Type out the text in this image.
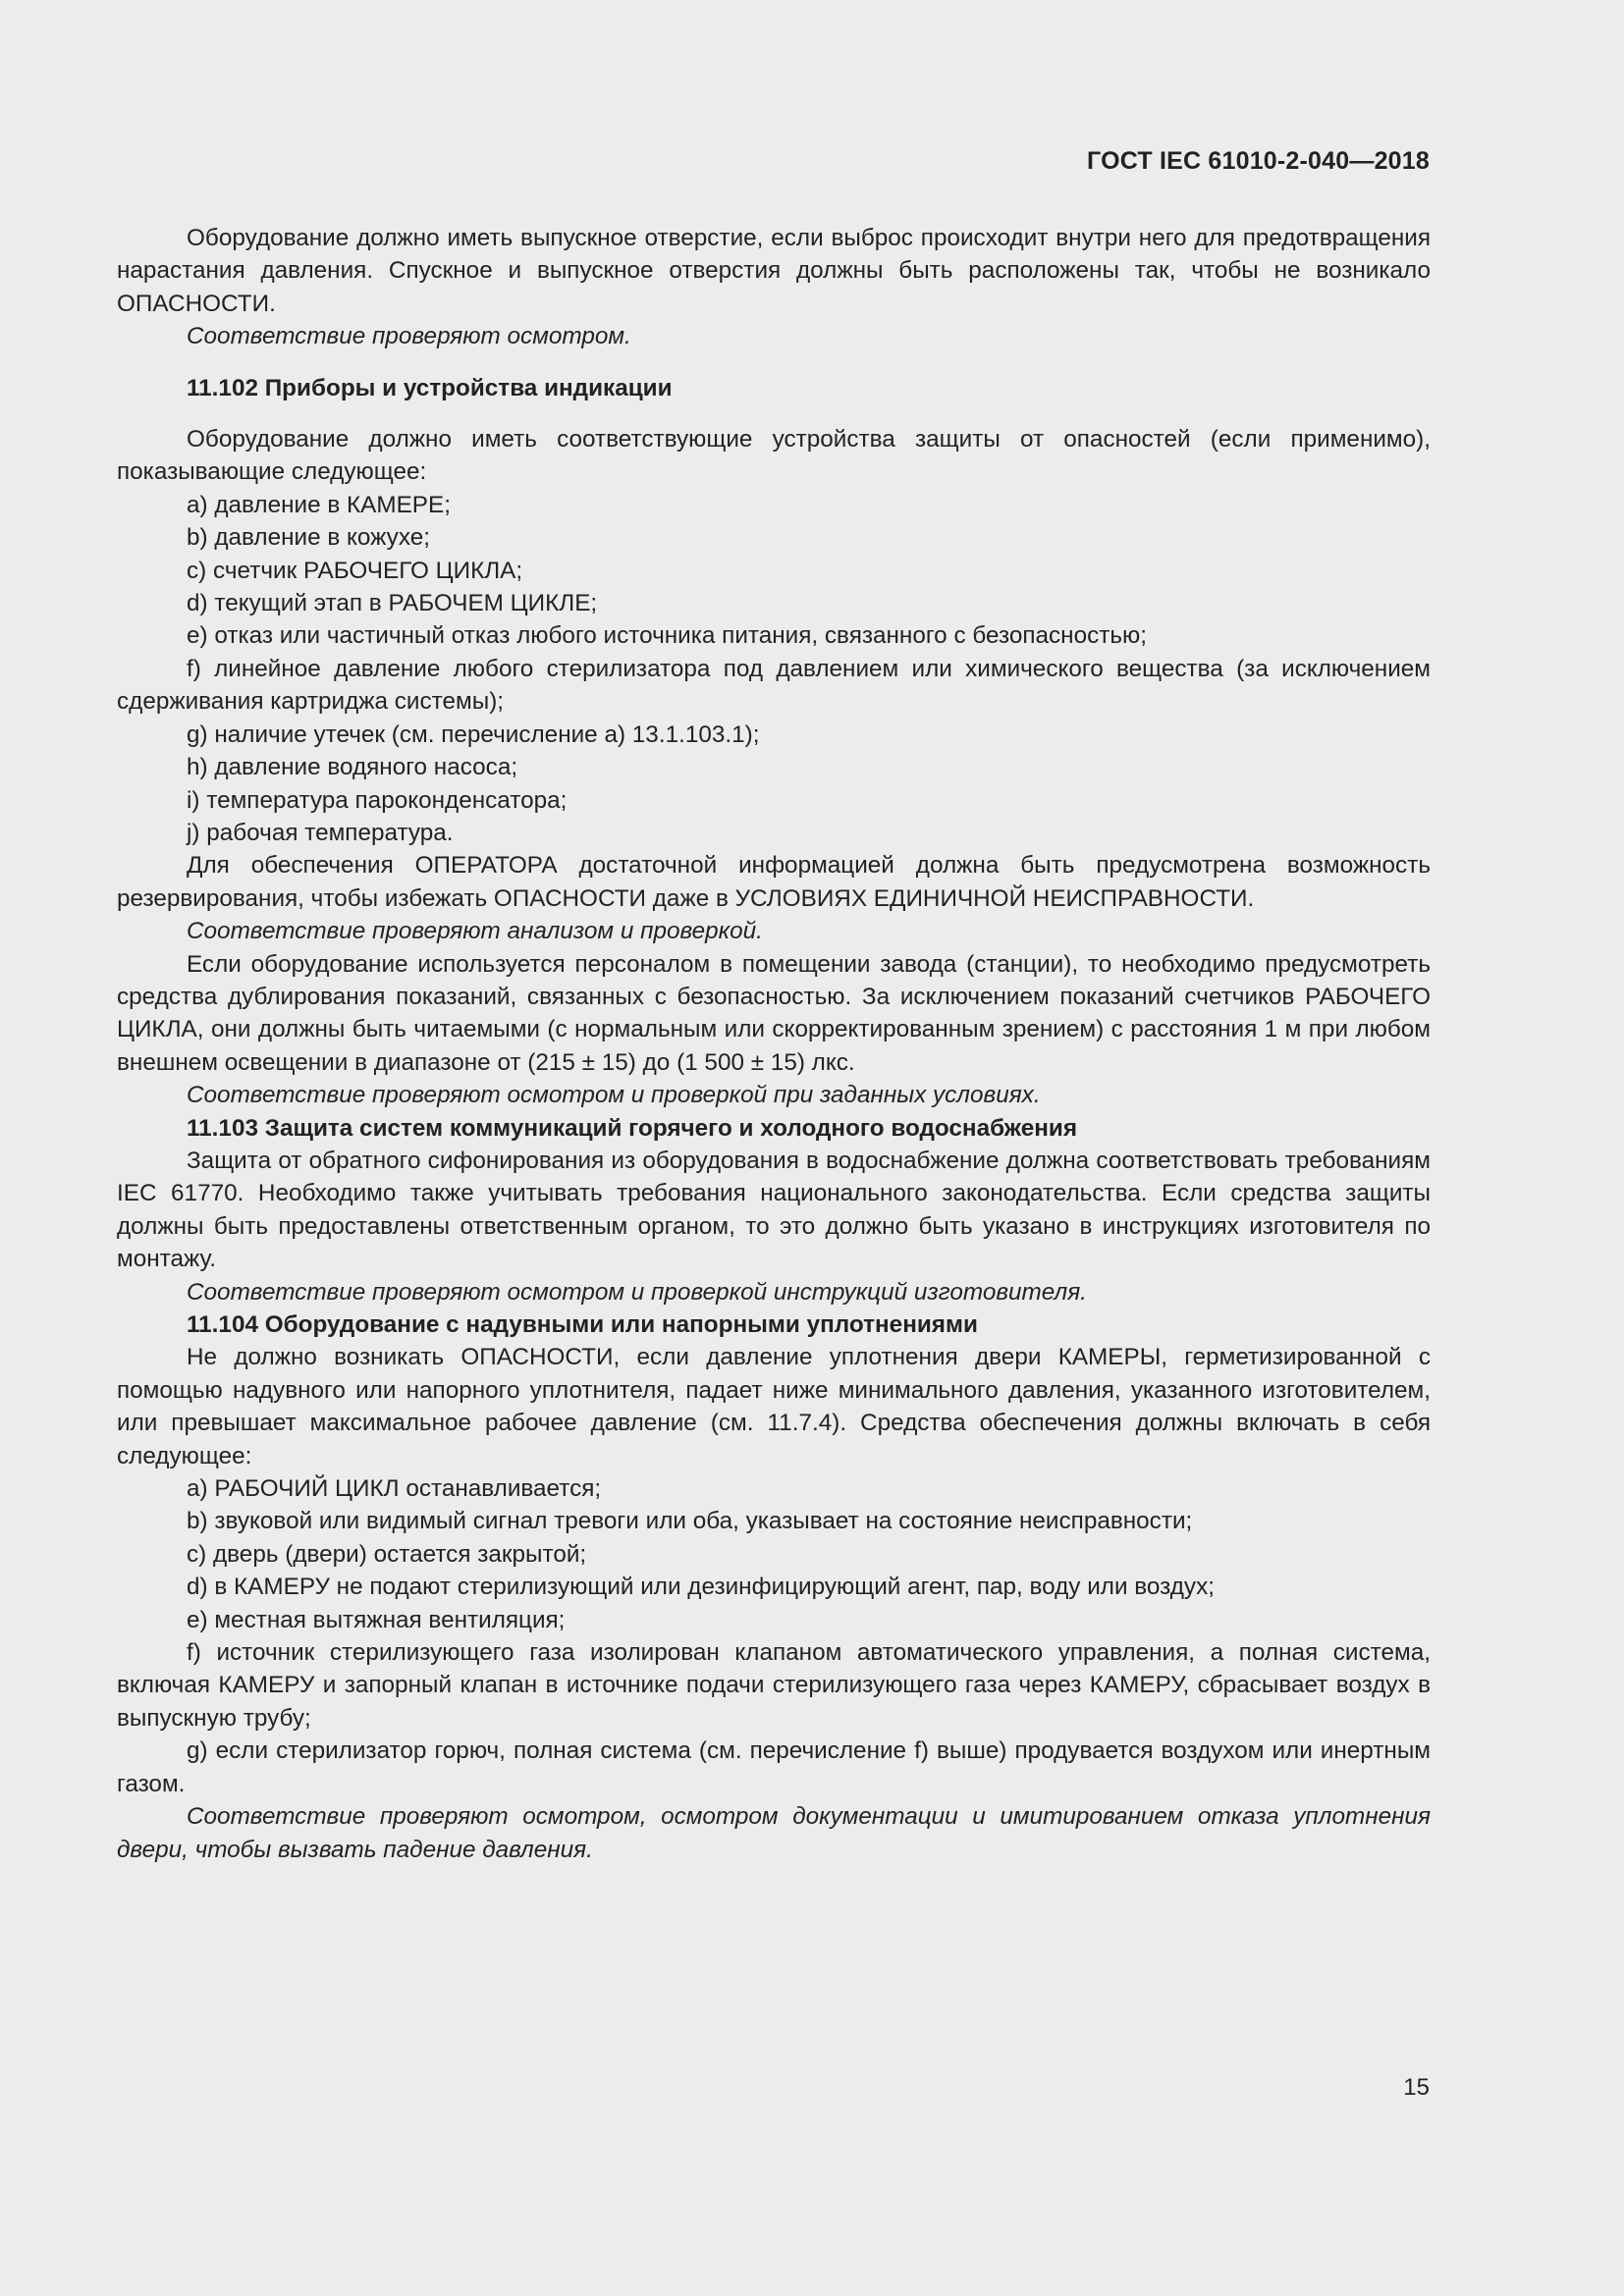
ГОСТ IEC 61010-2-040—2018

Оборудование должно иметь выпускное отверстие, если выброс происходит внутри него для предотвращения нарастания давления. Спускное и выпускное отверстия должны быть расположены так, чтобы не возникало ОПАСНОСТИ.

Соответствие проверяют осмотром.

11.102 Приборы и устройства индикации

Оборудование должно иметь соответствующие устройства защиты от опасностей (если применимо), показывающие следующее:

a) давление в КАМЕРЕ;

b) давление в кожухе;

c) счетчик РАБОЧЕГО ЦИКЛА;

d) текущий этап в РАБОЧЕМ ЦИКЛЕ;

e) отказ или частичный отказ любого источника питания, связанного с безопасностью;

f) линейное давление любого стерилизатора под давлением или химического вещества (за исключением сдерживания картриджа системы);

g) наличие утечек (см. перечисление а) 13.1.103.1);

h) давление водяного насоса;

i) температура пароконденсатора;

j) рабочая температура.

Для обеспечения ОПЕРАТОРА достаточной информацией должна быть предусмотрена возможность резервирования, чтобы избежать ОПАСНОСТИ даже в УСЛОВИЯХ ЕДИНИЧНОЙ НЕИСПРАВНОСТИ.

Соответствие проверяют анализом и проверкой.

Если оборудование используется персоналом в помещении завода (станции), то необходимо предусмотреть средства дублирования показаний, связанных с безопасностью. За исключением показаний счетчиков РАБОЧЕГО ЦИКЛА, они должны быть читаемыми (с нормальным или скорректированным зрением) с расстояния 1 м при любом внешнем освещении в диапазоне от (215 ± 15) до (1 500 ± 15) лкс.

Соответствие проверяют осмотром и проверкой при заданных условиях.

11.103 Защита систем коммуникаций горячего и холодного водоснабжения

Защита от обратного сифонирования из оборудования в водоснабжение должна соответствовать требованиям IEC 61770. Необходимо также учитывать требования национального законодательства. Если средства защиты должны быть предоставлены ответственным органом, то это должно быть указано в инструкциях изготовителя по монтажу.

Соответствие проверяют осмотром и проверкой инструкций изготовителя.

11.104 Оборудование с надувными или напорными уплотнениями

Не должно возникать ОПАСНОСТИ, если давление уплотнения двери КАМЕРЫ, герметизированной с помощью надувного или напорного уплотнителя, падает ниже минимального давления, указанного изготовителем, или превышает максимальное рабочее давление (см. 11.7.4). Средства обеспечения должны включать в себя следующее:

a) РАБОЧИЙ ЦИКЛ останавливается;

b) звуковой или видимый сигнал тревоги или оба, указывает на состояние неисправности;

c) дверь (двери) остается закрытой;

d) в КАМЕРУ не подают стерилизующий или дезинфицирующий агент, пар, воду или воздух;

e) местная вытяжная вентиляция;

f) источник стерилизующего газа изолирован клапаном автоматического управления, а полная система, включая КАМЕРУ и запорный клапан в источнике подачи стерилизующего газа через КАМЕРУ, сбрасывает воздух в выпускную трубу;

g) если стерилизатор горюч, полная система (см. перечисление f) выше) продувается воздухом или инертным газом.

Соответствие проверяют осмотром, осмотром документации и имитированием отказа уплотнения двери, чтобы вызвать падение давления.

15
